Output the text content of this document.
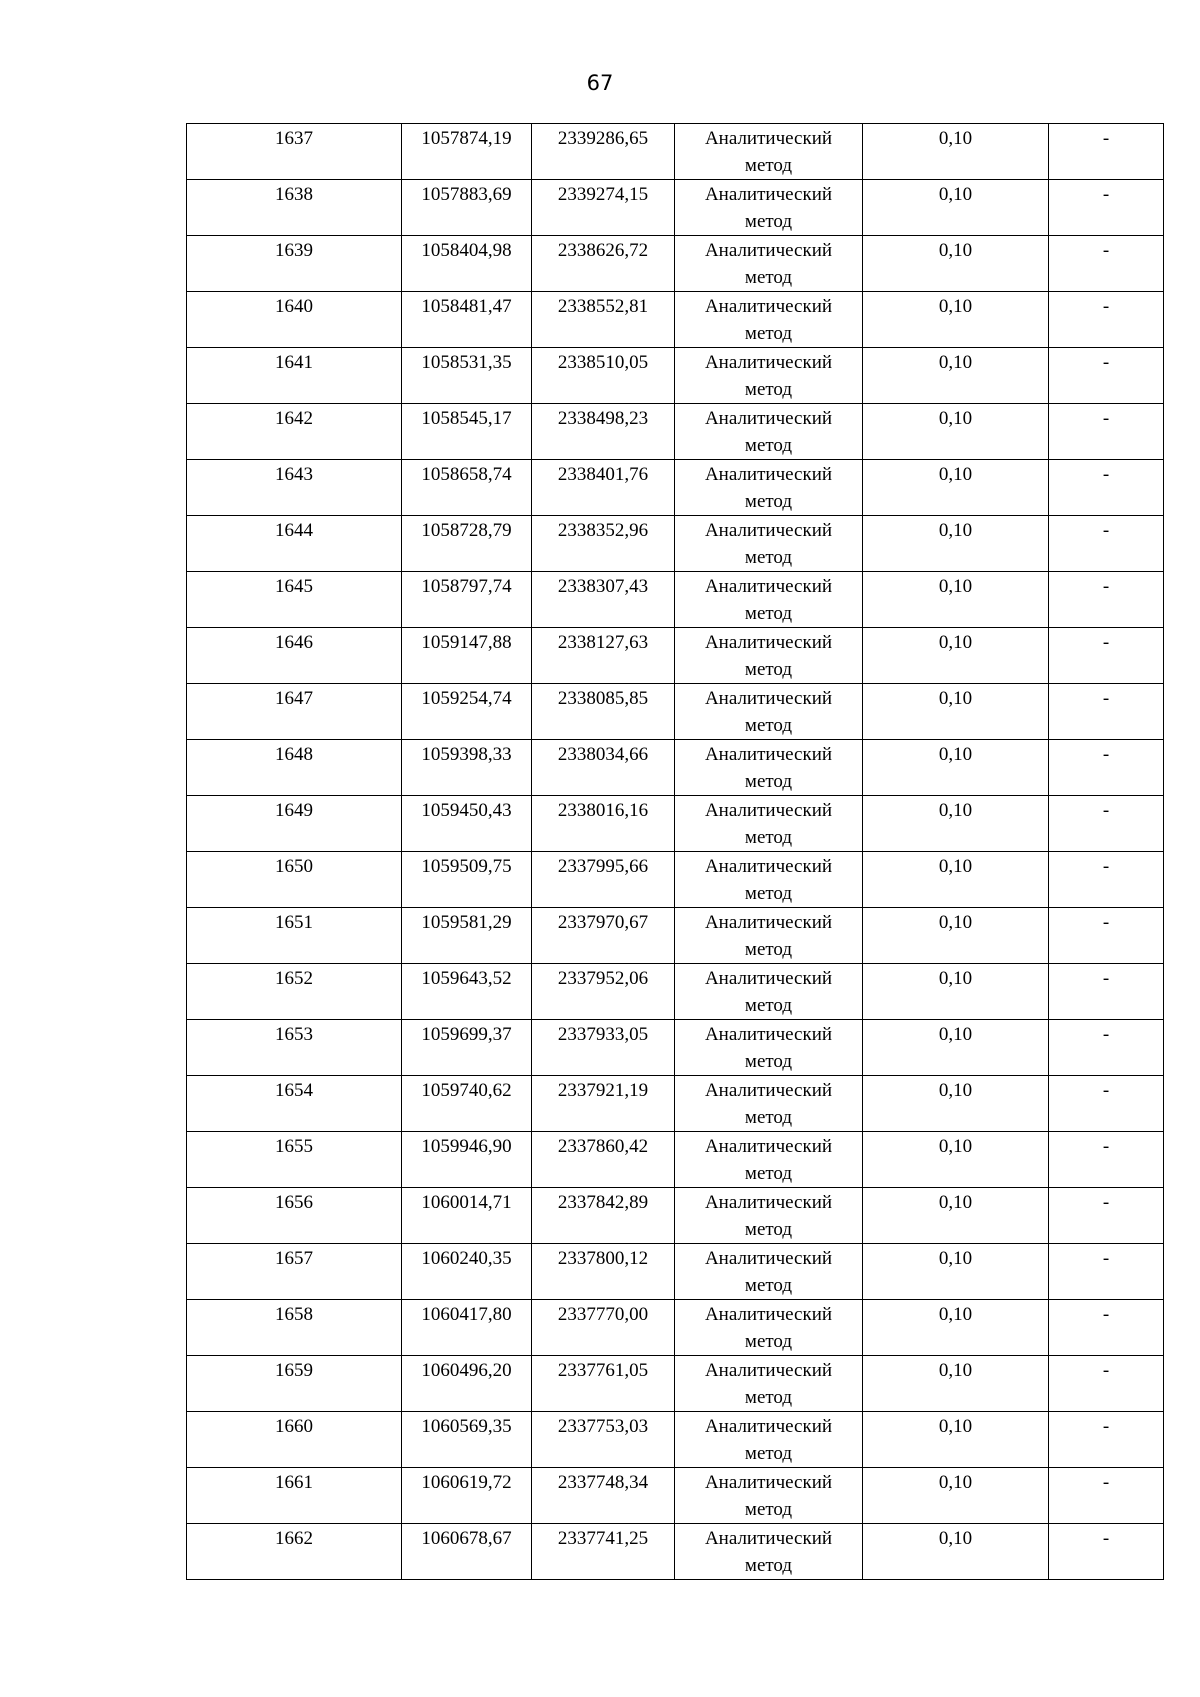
67
1637	1057874,19	2339286,65	Аналитический метод	0,10	-
1638	1057883,69	2339274,15	Аналитический метод	0,10	-
1639	1058404,98	2338626,72	Аналитический метод	0,10	-
1640	1058481,47	2338552,81	Аналитический метод	0,10	-
1641	1058531,35	2338510,05	Аналитический метод	0,10	-
1642	1058545,17	2338498,23	Аналитический метод	0,10	-
1643	1058658,74	2338401,76	Аналитический метод	0,10	-
1644	1058728,79	2338352,96	Аналитический метод	0,10	-
1645	1058797,74	2338307,43	Аналитический метод	0,10	-
1646	1059147,88	2338127,63	Аналитический метод	0,10	-
1647	1059254,74	2338085,85	Аналитический метод	0,10	-
1648	1059398,33	2338034,66	Аналитический метод	0,10	-
1649	1059450,43	2338016,16	Аналитический метод	0,10	-
1650	1059509,75	2337995,66	Аналитический метод	0,10	-
1651	1059581,29	2337970,67	Аналитический метод	0,10	-
1652	1059643,52	2337952,06	Аналитический метод	0,10	-
1653	1059699,37	2337933,05	Аналитический метод	0,10	-
1654	1059740,62	2337921,19	Аналитический метод	0,10	-
1655	1059946,90	2337860,42	Аналитический метод	0,10	-
1656	1060014,71	2337842,89	Аналитический метод	0,10	-
1657	1060240,35	2337800,12	Аналитический метод	0,10	-
1658	1060417,80	2337770,00	Аналитический метод	0,10	-
1659	1060496,20	2337761,05	Аналитический метод	0,10	-
1660	1060569,35	2337753,03	Аналитический метод	0,10	-
1661	1060619,72	2337748,34	Аналитический метод	0,10	-
1662	1060678,67	2337741,25	Аналитический метод	0,10	-
